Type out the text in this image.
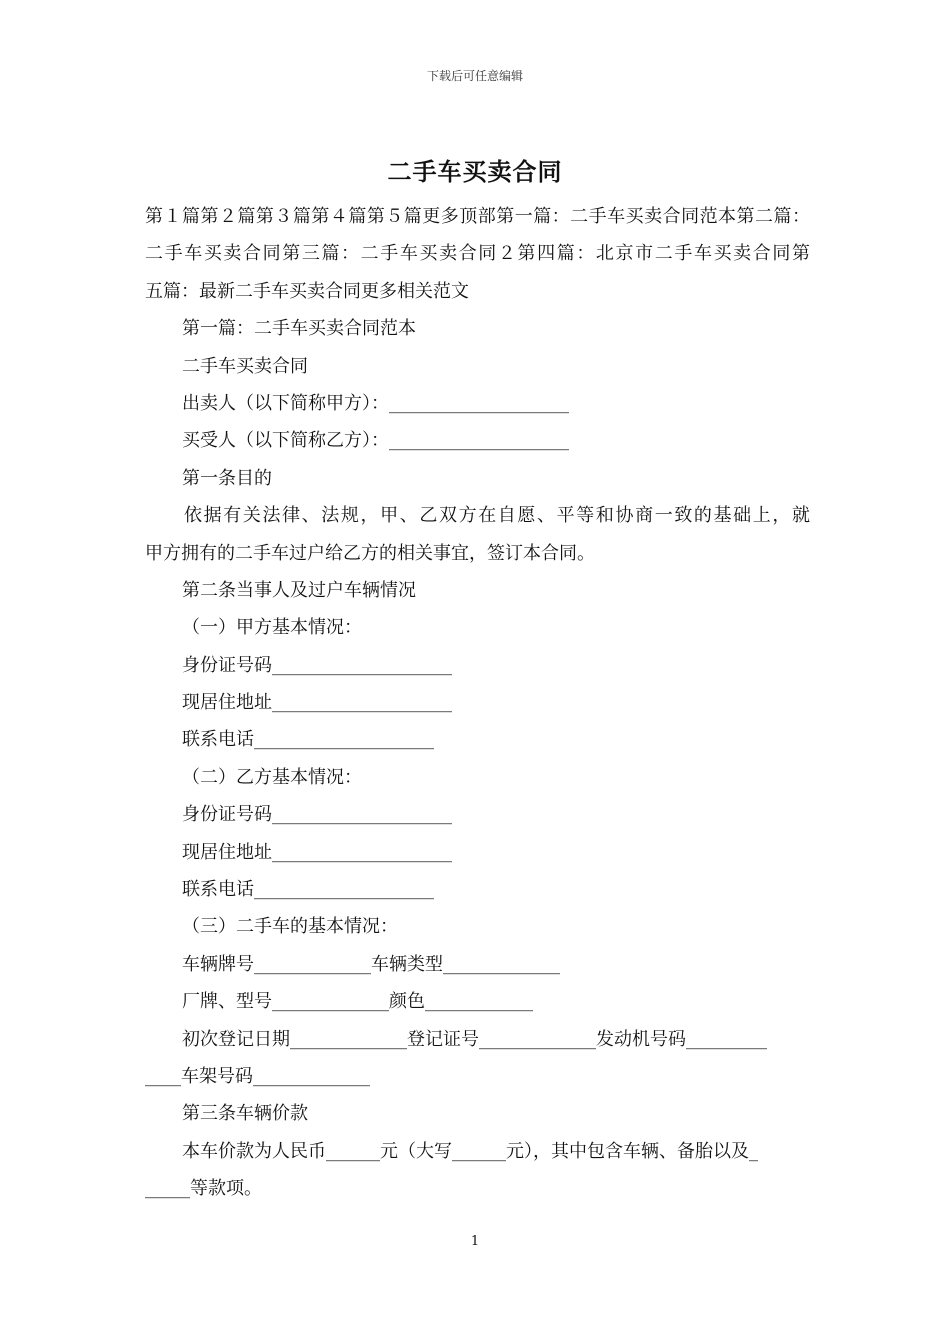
下载后可任意编辑
二手车买卖合同
第１篇第２篇第３篇第４篇第５篇更多顶部第一篇：二手车买卖合同范本第二篇：
二手车买卖合同第三篇：二手车买卖合同２第四篇：北京市二手车买卖合同第
五篇：最新二手车买卖合同更多相关范文
第一篇：二手车买卖合同范本
二手车买卖合同
出卖人（以下简称甲方）：____________________
买受人（以下简称乙方）：____________________
第一条目的
依据有关法律、法规，甲、乙双方在自愿、平等和协商一致的基础上，就
甲方拥有的二手车过户给乙方的相关事宜，签订本合同。
第二条当事人及过户车辆情况
（一）甲方基本情况：
身份证号码____________________
现居住地址____________________
联系电话____________________
（二）乙方基本情况：
身份证号码____________________
现居住地址____________________
联系电话____________________
（三）二手车的基本情况：
车辆牌号_____________车辆类型_____________
厂牌、型号_____________颜色____________
初次登记日期_____________登记证号_____________发动机号码_________
____车架号码_____________
第三条车辆价款
本车价款为人民币______元（大写______元），其中包含车辆、备胎以及_
_____等款项。
1
